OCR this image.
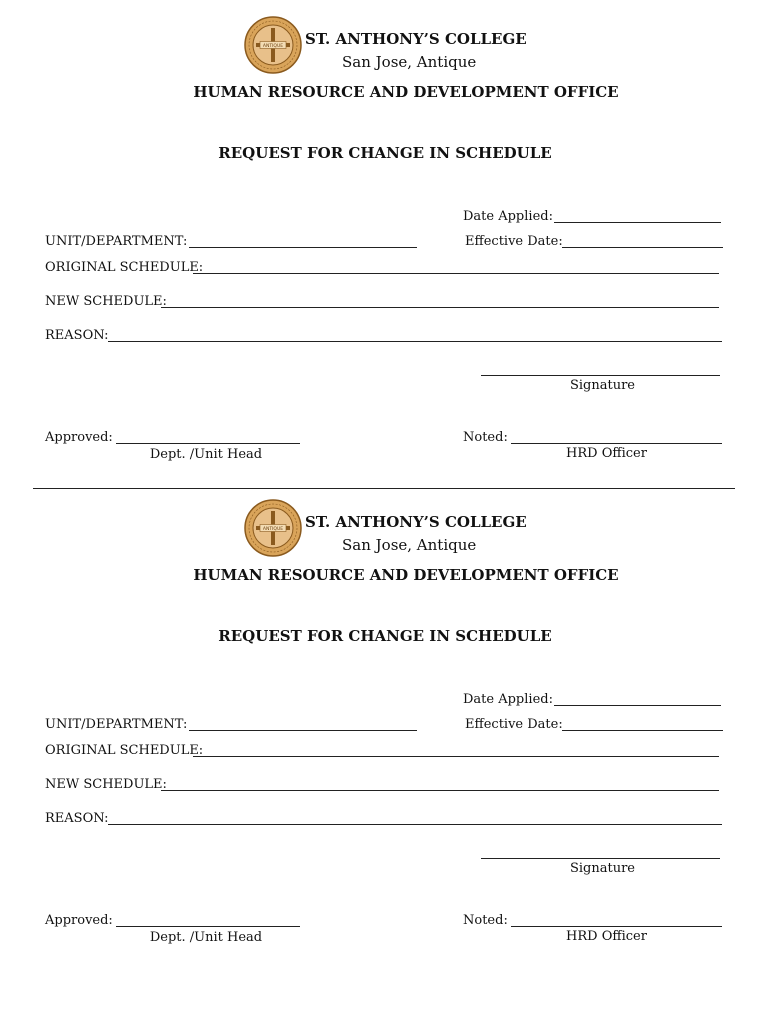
ANTIQUE ST. ANTHONY’S COLLEGE
San Jose, Antique
HUMAN RESOURCE AND DEVELOPMENT OFFICE
REQUEST FOR CHANGE IN SCHEDULE
Date Applied:
UNIT/DEPARTMENT:	Effective Date:
ORIGINAL SCHEDULE:
NEW SCHEDULE:
REASON:
Signature
Approved:
Dept. /Unit Head
Noted:
HRD Officer
ANTIQUE ST. ANTHONY’S COLLEGE
San Jose, Antique
HUMAN RESOURCE AND DEVELOPMENT OFFICE
REQUEST FOR CHANGE IN SCHEDULE
Date Applied:
UNIT/DEPARTMENT:	Effective Date:
ORIGINAL SCHEDULE:
NEW SCHEDULE:
REASON:
Signature
Approved:
Dept. /Unit Head
Noted:
HRD Officer
